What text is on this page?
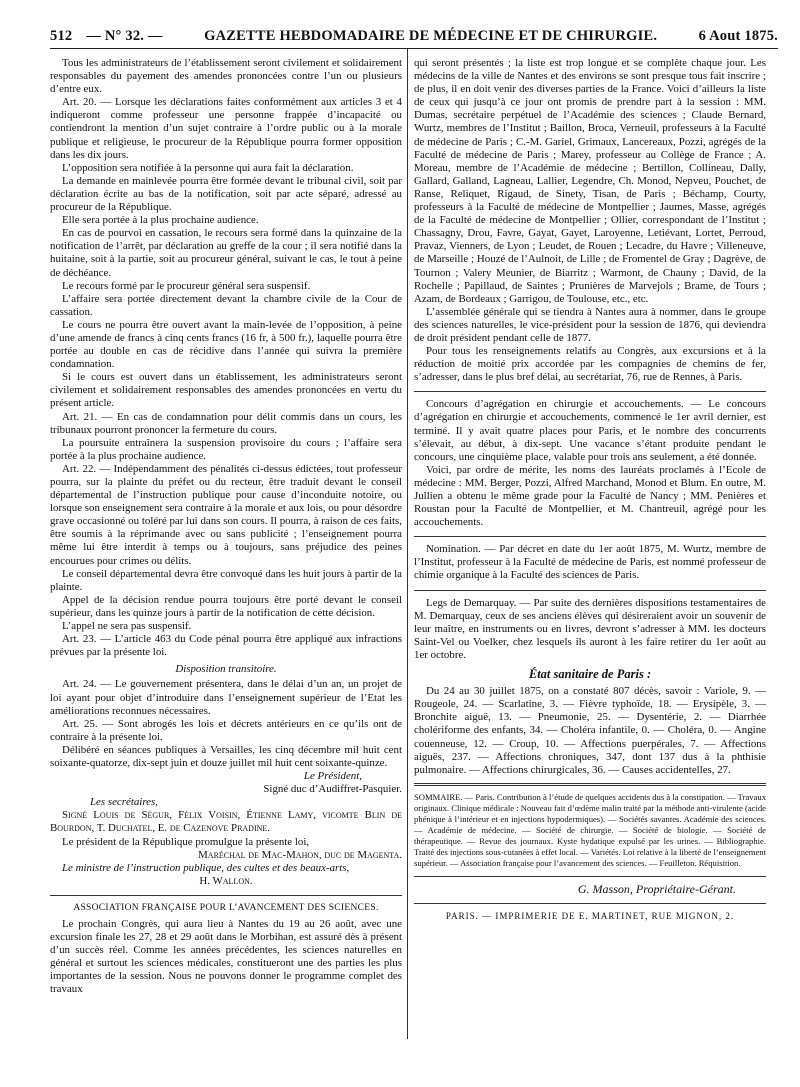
512 — N° 32. —	GAZETTE HEBDOMADAIRE DE MÉDECINE ET DE CHIRURGIE.	6 Aout 1875.

Tous les administrateurs de l’établissement seront civilement et solidairement responsables du payement des amendes prononcées contre l’un ou plusieurs d’entre eux.

Art. 20. — Lorsque les déclarations faites conformément aux articles 3 et 4 indiqueront comme professeur une personne frappée d’incapacité ou contiendront la mention d’un sujet contraire à l’ordre public ou à la morale publique et religieuse, le procureur de la République pourra former opposition dans les dix jours.

L’opposition sera notifiée à la personne qui aura fait la déclaration.

La demande en mainlevée pourra être formée devant le tribunal civil, soit par déclaration écrite au bas de la notification, soit par acte séparé, adressé au procureur de la République.

Elle sera portée à la plus prochaine audience.

En cas de pourvoi en cassation, le recours sera formé dans la quinzaine de la notification de l’arrêt, par déclaration au greffe de la cour ; il sera notifié dans la huitaine, soit à la partie, soit au procureur général, suivant le cas, le tout à peine de déchéance.

Le recours formé par le procureur général sera suspensif.

L’affaire sera portée directement devant la chambre civile de la Cour de cassation.

Le cours ne pourra être ouvert avant la main-levée de l’opposition, à peine d’une amende de francs à cinq cents francs (16 fr, à 500 fr.), laquelle pourra être portée au double en cas de récidive dans l’année qui suivra la première condamnation.

Si le cours est ouvert dans un établissement, les administrateurs seront civilement et solidairement responsables des amendes prononcées en vertu du présent article.

Art. 21. — En cas de condamnation pour délit commis dans un cours, les tribunaux pourront prononcer la fermeture du cours.

La poursuite entraînera la suspension provisoire du cours ; l’affaire sera portée à la plus prochaine audience.

Art. 22. — Indépendamment des pénalités ci-dessus édictées, tout professeur pourra, sur la plainte du préfet ou du recteur, être traduit devant le conseil départemental de l’instruction publique pour cause d’inconduite notoire, ou lorsque son enseignement sera contraire à la morale et aux lois, ou pour désordre grave occasionné ou toléré par lui dans son cours. Il pourra, à raison de ces faits, être soumis à la réprimande avec ou sans publicité ; l’enseignement pourra même lui être interdit à temps ou à toujours, sans préjudice des peines encourues pour crimes ou délits.

Le conseil départemental devra être convoqué dans les huit jours à partir de la plainte.

Appel de la décision rendue pourra toujours être porté devant le conseil supérieur, dans les quinze jours à partir de la notification de cette décision.

L’appel ne sera pas suspensif.

Art. 23. — L’article 463 du Code pénal pourra être appliqué aux infractions prévues par la présente loi.

Disposition transitoire.

Art. 24. — Le gouvernement présentera, dans le délai d’un an, un projet de loi ayant pour objet d’introduire dans l’enseignement supérieur de l’Etat les améliorations reconnues nécessaires.

Art. 25. — Sont abrogés les lois et décrets antérieurs en ce qu’ils ont de contraire à la présente loi.

Délibéré en séances publiques à Versailles, les cinq décembre mil huit cent soixante-quatorze, dix-sept juin et douze juillet mil huit cent soixante-quinze.

Le Président,

Signé duc d’Audiffret-Pasquier.

Les secrétaires,

Signé Louis de Ségur, Félix Voisin, Étienne Lamy, vicomte Blin de Bourdon, T. Duchatel, E. de Cazenove Pradine.

Le président de la République promulgue la présente loi,

Maréchal de Mac-Mahon, duc de Magenta.

Le ministre de l’instruction publique, des cultes et des beaux-arts,

H. Wallon.

ASSOCIATION FRANÇAISE POUR L’AVANCEMENT DES SCIENCES.

Le prochain Congrès, qui aura lieu à Nantes du 19 au 26 août, avec une excursion finale les 27, 28 et 29 août dans le Morbihan, est assuré dès à présent d’un succès réel. Comme les années précédentes, les sciences naturelles en général et surtout les sciences médicales, constitueront une des parties les plus importantes de la session. Nous ne pouvons donner le programme complet des travaux

qui seront présentés ; la liste est trop longue et se complète chaque jour. Les médecins de la ville de Nantes et des environs se sont presque tous fait inscrire ; de plus, il en doit venir des diverses parties de la France. Voici d’ailleurs la liste de ceux qui jusqu’à ce jour ont promis de prendre part à la session : MM. Dumas, secrétaire perpétuel de l’Académie des sciences ; Claude Bernard, Wurtz, membres de l’Institut ; Baillon, Broca, Verneuil, professeurs à la Faculté de médecine de Paris ; C.-M. Gariel, Grimaux, Lancereaux, Pozzi, agrégés de la Faculté de médecine de Paris ; Marey, professeur au Collège de France ; A. Moreau, membre de l’Académie de médecine ; Bertillon, Collineau, Dally, Gallard, Galland, Lagneau, Lallier, Legendre, Ch. Monod, Nepveu, Pouchet, de Ranse, Reliquet, Rigaud, de Sinety, Tisan, de Paris ; Béchamp, Courty, professeurs à la Faculté de médecine de Montpellier ; Jaumes, Masse, agrégés de la Faculté de médecine de Montpellier ; Ollier, correspondant de l’Institut ; Chassagny, Drou, Favre, Gayat, Gayet, Laroyenne, Letiévant, Lortet, Perroud, Pravaz, Vienners, de Lyon ; Leudet, de Rouen ; Lecadre, du Havre ; Villeneuve, de Marseille ; Houzé de l’Aulnoit, de Lille ; de Fromentel de Gray ; Dagrève, de Tournon ; Valery Meunier, de Biarritz ; Warmont, de Chauny ; David, de la Rochelle ; Papillaud, de Saintes ; Prunières de Marvejols ; Brame, de Tours ; Azam, de Bordeaux ; Garrigou, de Toulouse, etc., etc.

L’assemblée générale qui se tiendra à Nantes aura à nommer, dans le groupe des sciences naturelles, le vice-président pour la session de 1876, qui deviendra de droit président pendant celle de 1877.

Pour tous les renseignements relatifs au Congrès, aux excursions et à la réduction de moitié prix accordée par les compagnies de chemins de fer, s’adresser, dans le plus bref délai, au secrétariat, 76, rue de Rennes, à Paris.

Concours d’agrégation en chirurgie et accouchements. — Le concours d’agrégation en chirurgie et accouchements, commencé le 1er avril dernier, est terminé. Il y avait quatre places pour Paris, et le nombre des concurrents s’élevait, au début, à dix-sept. Une vacance s’étant produite pendant le concours, une cinquième place, valable pour trois ans seulement, a été donnée.

Voici, par ordre de mérite, les noms des lauréats proclamés à l’Ecole de médecine : MM. Berger, Pozzi, Alfred Marchand, Monod et Blum. En outre, M. Jullien a obtenu le même grade pour la Faculté de Nancy ; MM. Penières et Roustan pour la Faculté de Montpellier, et M. Chantreuil, agrégé pour les accouchements.

Nomination. — Par décret en date du 1er août 1875, M. Wurtz, membre de l’Institut, professeur à la Faculté de médecine de Paris, est nommé professeur de chimie organique à la Faculté des sciences de Paris.

Legs de Demarquay. — Par suite des dernières dispositions testamentaires de M. Demarquay, ceux de ses anciens élèves qui désireraient avoir un souvenir de leur maître, en instruments ou en livres, devront s’adresser à MM. les docteurs Saint-Vel ou Voelker, chez lesquels ils auront à les faire retirer du 1er août au 1er octobre.

État sanitaire de Paris :

Du 24 au 30 juillet 1875, on a constaté 807 décès, savoir : Variole, 9. — Rougeole, 24. — Scarlatine, 3. — Fièvre typhoïde, 18. — Erysipèle, 3. — Bronchite aiguë, 13. — Pneumonie, 25. — Dysentérie, 2. — Diarrhée cholériforme des enfants, 34. — Choléra infantile, 0. — Choléra, 0. — Angine couenneuse, 12. — Croup, 10. — Affections puerpérales, 7. — Affections aiguës, 237. — Affections chroniques, 347, dont 137 dus à la phthisie pulmonaire. — Affections chirurgicales, 36. — Causes accidentelles, 27.

SOMMAIRE. — Paris. Contribution à l’étude de quelques accidents dus à la constipation. — Travaux originaux. Clinique médicale : Nouveau fait d’œdème malin traité par la méthode anti-virulente (acide phénique à l’intérieur et en injections hypodermiques). — Sociétés savantes. Académie des sciences. — Académie de médecine. — Société de chirurgie. — Société de biologie. — Société de thérapeutique. — Revue des journaux. Kyste hydatique expulsé par les urines. — Bibliographie. Traité des injections sous-cutanées à effet local. — Variétés. Loi relative à la liberté de l’enseignement supérieur. — Association française pour l’avancement des sciences. — Feuilleton. Réquisition.

G. Masson, Propriétaire-Gérant.

PARIS. — IMPRIMERIE DE E. MARTINET, RUE MIGNON, 2.
